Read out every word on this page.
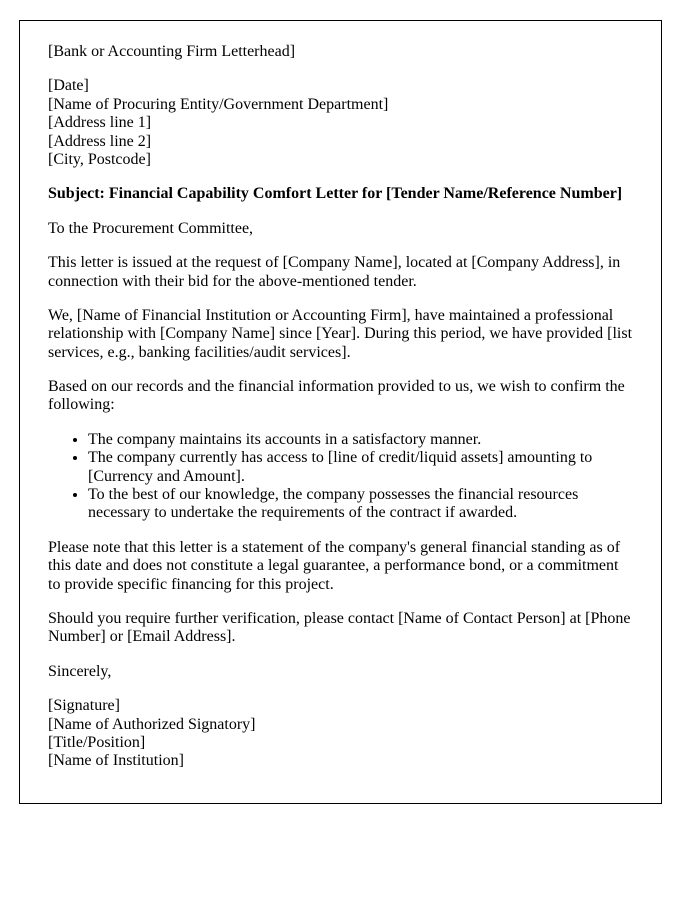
[Bank or Accounting Firm Letterhead]

[Date]
[Name of Procuring Entity/Government Department]
[Address line 1]
[Address line 2]
[City, Postcode]

Subject: Financial Capability Comfort Letter for [Tender Name/Reference Number]

To the Procurement Committee,

This letter is issued at the request of [Company Name], located at [Company Address], in connection with their bid for the above-mentioned tender.

We, [Name of Financial Institution or Accounting Firm], have maintained a professional relationship with [Company Name] since [Year]. During this period, we have provided [list services, e.g., banking facilities/audit services].

Based on our records and the financial information provided to us, we wish to confirm the following:

• The company maintains its accounts in a satisfactory manner.
• The company currently has access to [line of credit/liquid assets] amounting to [Currency and Amount].
• To the best of our knowledge, the company possesses the financial resources necessary to undertake the requirements of the contract if awarded.

Please note that this letter is a statement of the company's general financial standing as of this date and does not constitute a legal guarantee, a performance bond, or a commitment to provide specific financing for this project.

Should you require further verification, please contact [Name of Contact Person] at [Phone Number] or [Email Address].

Sincerely,

[Signature]
[Name of Authorized Signatory]
[Title/Position]
[Name of Institution]
